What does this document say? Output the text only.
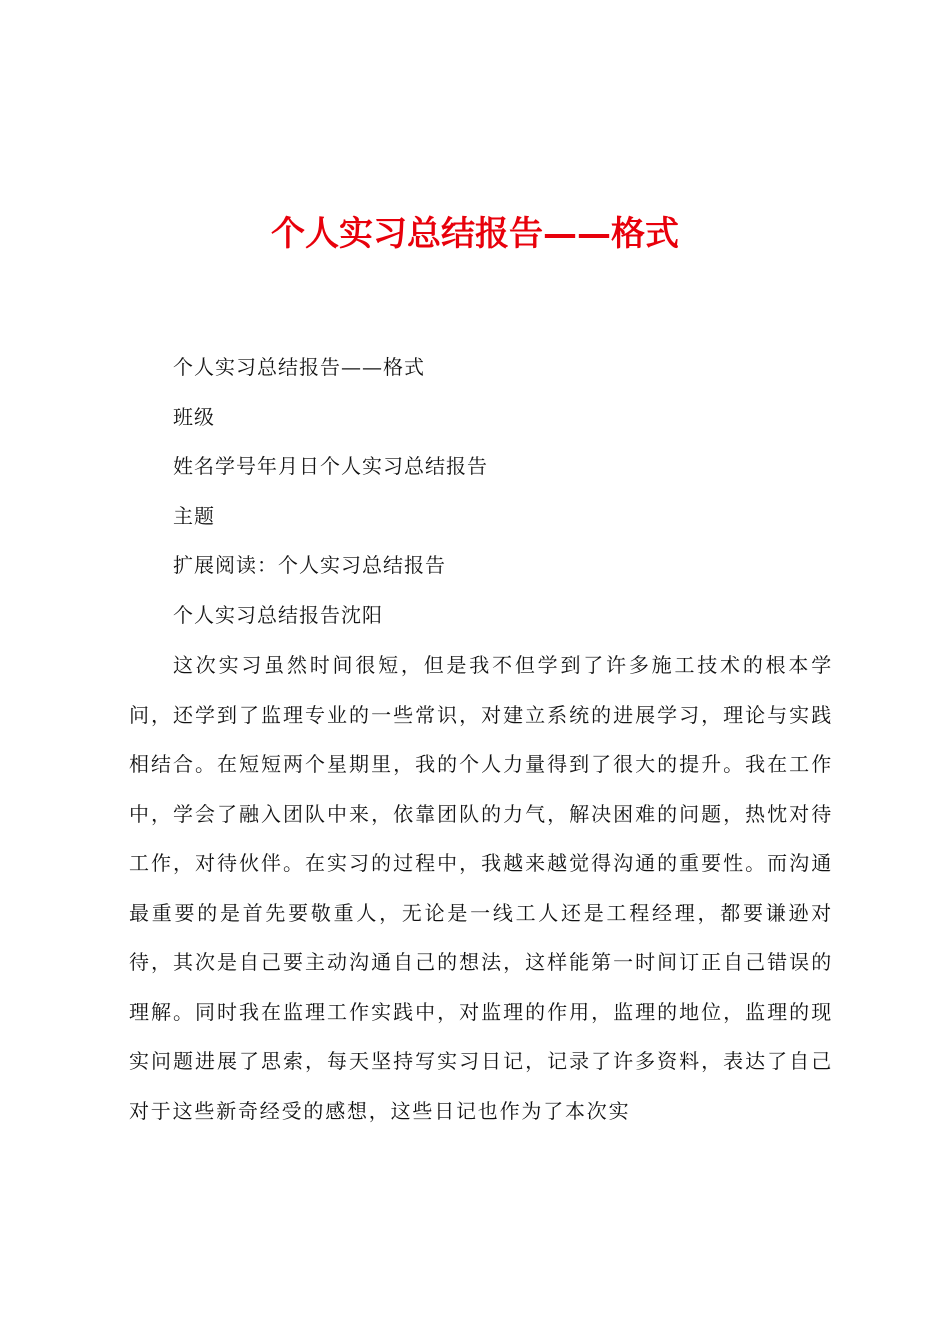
个人实习总结报告——格式
个人实习总结报告——格式
班级
姓名学号年月日个人实习总结报告
主题
扩展阅读：个人实习总结报告
个人实习总结报告沈阳
这次实习虽然时间很短，但是我不但学到了许多施工技术的根本学问，还学到了监理专业的一些常识，对建立系统的进展学习，理论与实践相结合。在短短两个星期里，我的个人力量得到了很大的提升。我在工作中，学会了融入团队中来，依靠团队的力气，解决困难的问题，热忱对待工作，对待伙伴。在实习的过程中，我越来越觉得沟通的重要性。而沟通最重要的是首先要敬重人，无论是一线工人还是工程经理，都要谦逊对待，其次是自己要主动沟通自己的想法，这样能第一时间订正自己错误的理解。同时我在监理工作实践中，对监理的作用，监理的地位，监理的现实问题进展了思索，每天坚持写实习日记，记录了许多资料，表达了自己对于这些新奇经受的感想，这些日记也作为了本次实
